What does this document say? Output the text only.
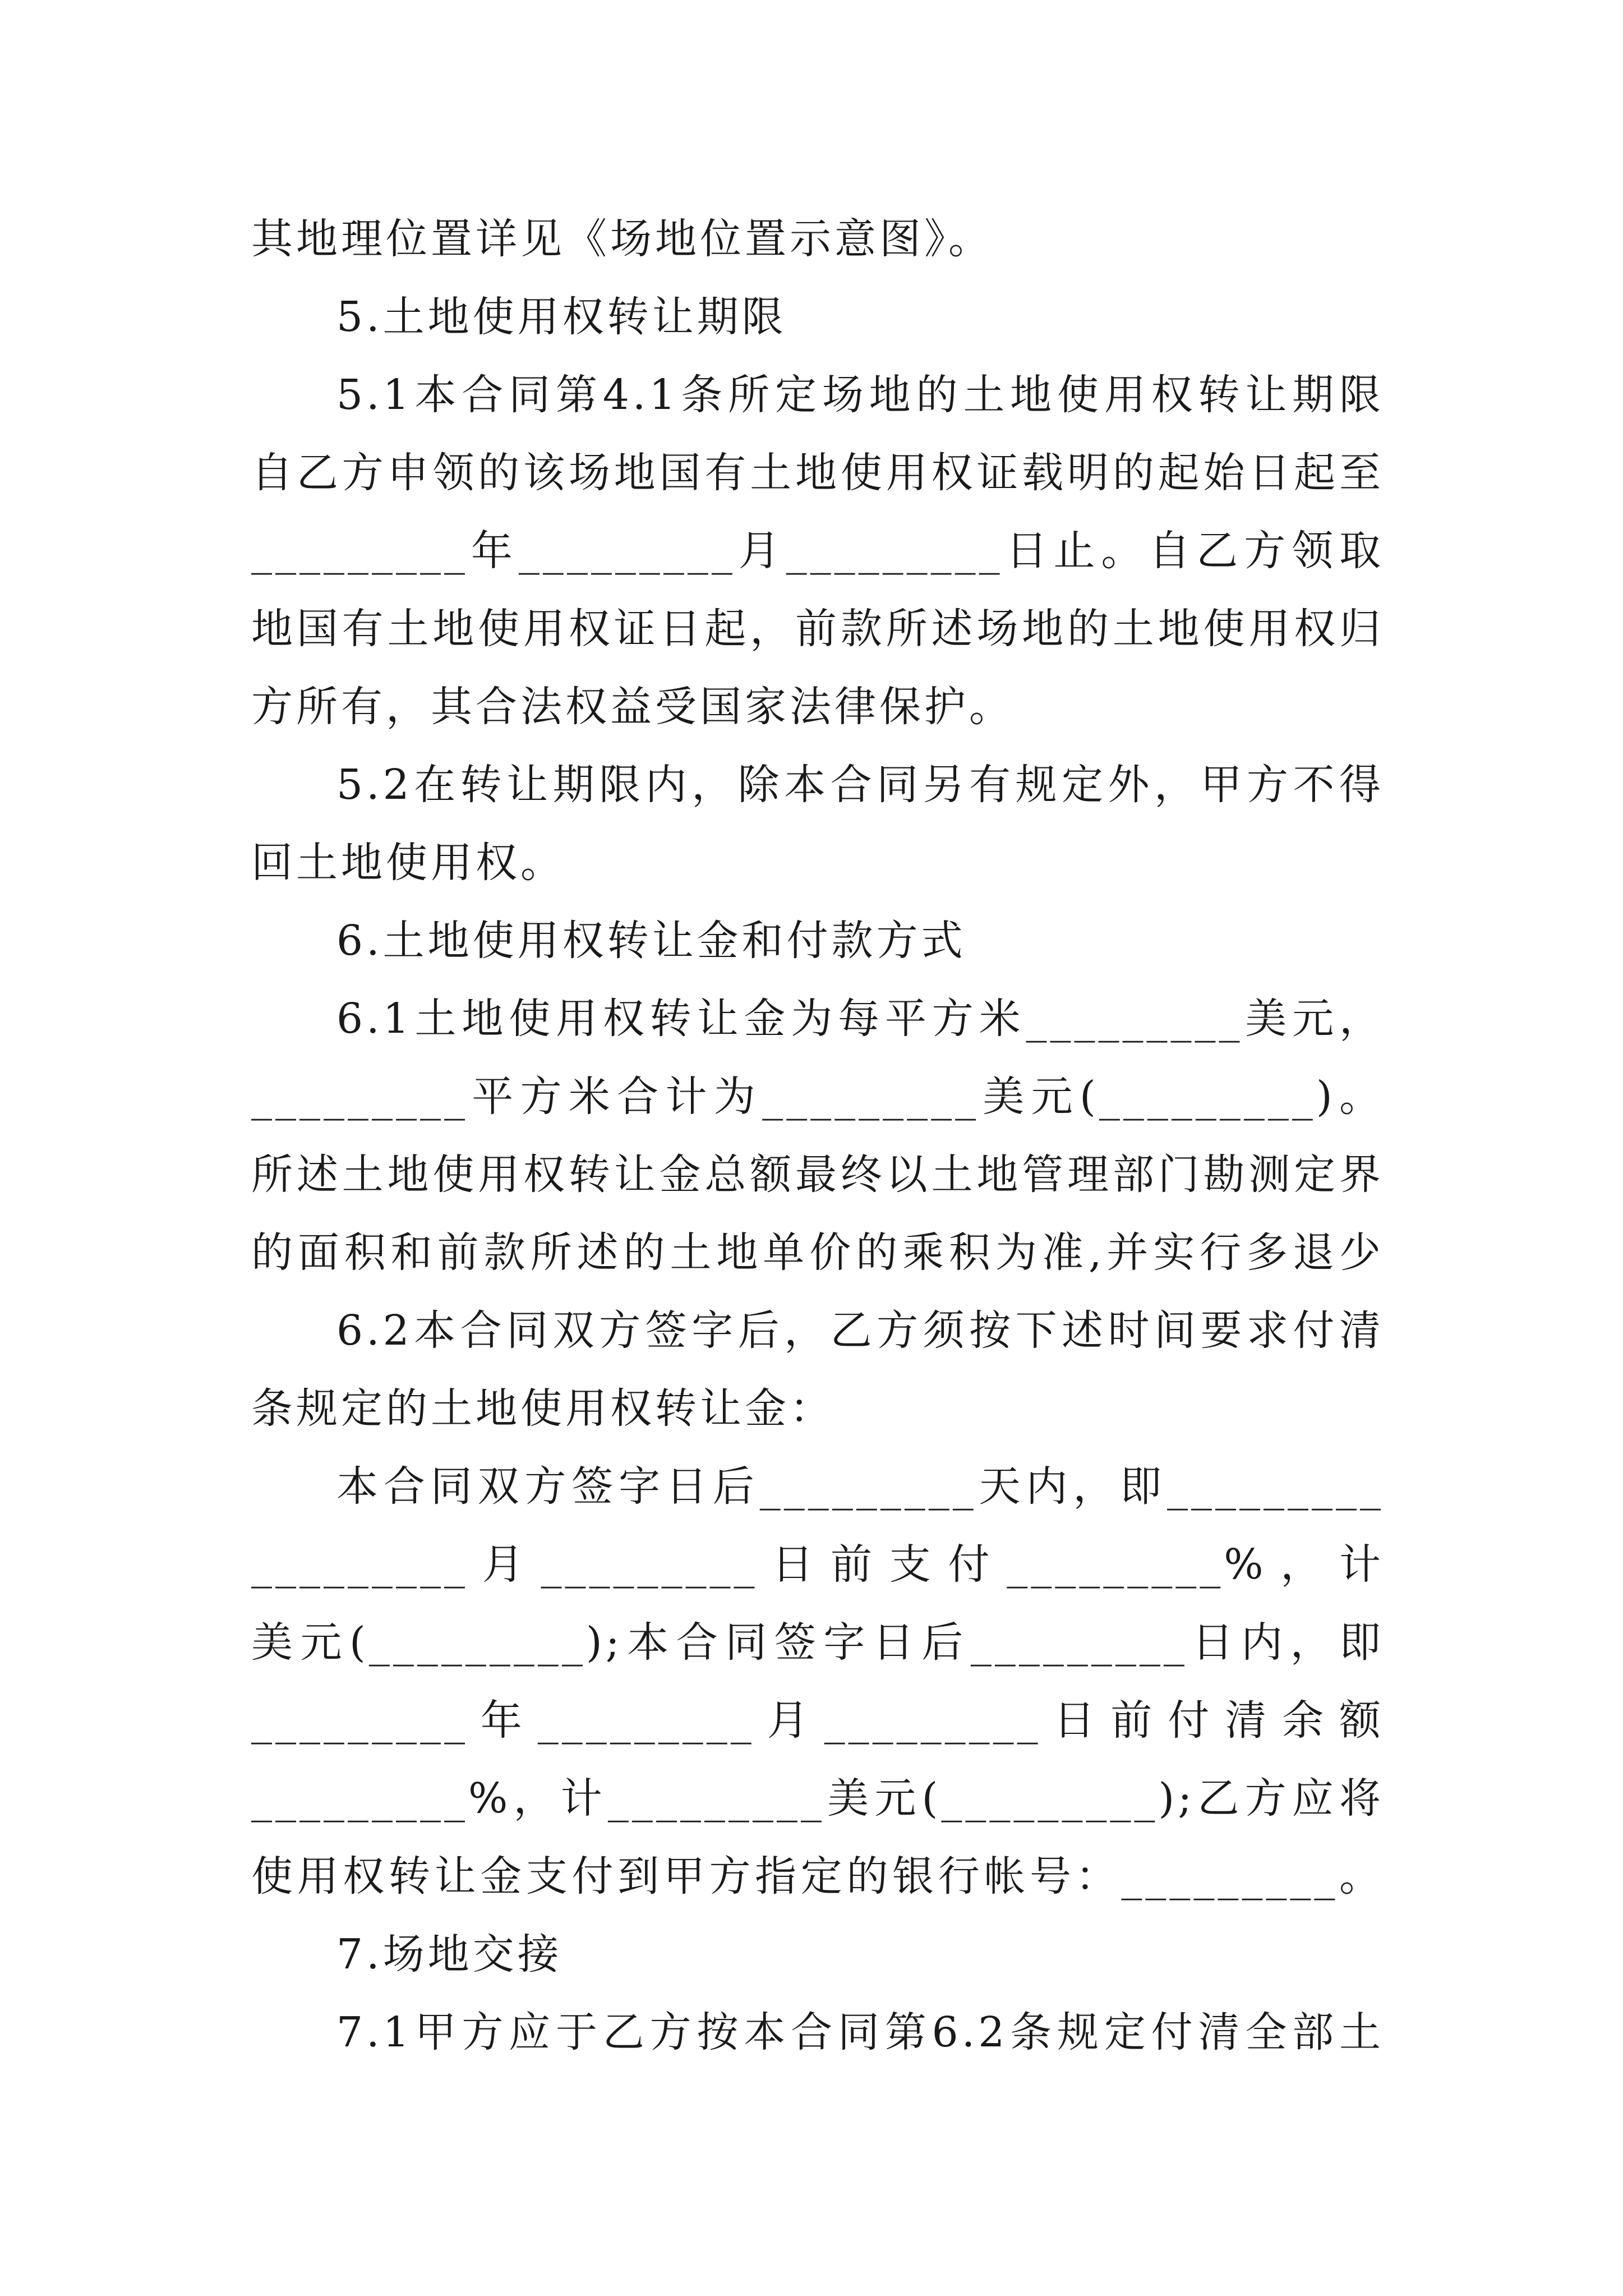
其地理位置详见《场地位置示意图》。
5.土地使用权转让期限
5.1本合同第4.1条所定场地的土地使用权转让期限
自乙方申领的该场地国有土地使用权证载明的起始日起至
_________年_________月_________日止。自乙方领取
地国有土地使用权证日起，前款所述场地的土地使用权归
方所有，其合法权益受国家法律保护。
5.2在转让期限内，除本合同另有规定外，甲方不得
回土地使用权。
6.土地使用权转让金和付款方式
6.1土地使用权转让金为每平方米_________美元，
_________平方米合计为_________美元(_________)。
所述土地使用权转让金总额最终以土地管理部门勘测定界
的面积和前款所述的土地单价的乘积为准,并实行多退少
6.2本合同双方签字后，乙方须按下述时间要求付清
条规定的土地使用权转让金：
本合同双方签字日后_________天内，即_________
_________月_________日前支付_________%，计
美元(_________);本合同签字日后_________日内，即
_________年_________月_________日前付清余额
_________%，计_________美元(_________);乙方应将
使用权转让金支付到甲方指定的银行帐号：_________。
7.场地交接
7.1甲方应于乙方按本合同第6.2条规定付清全部土
